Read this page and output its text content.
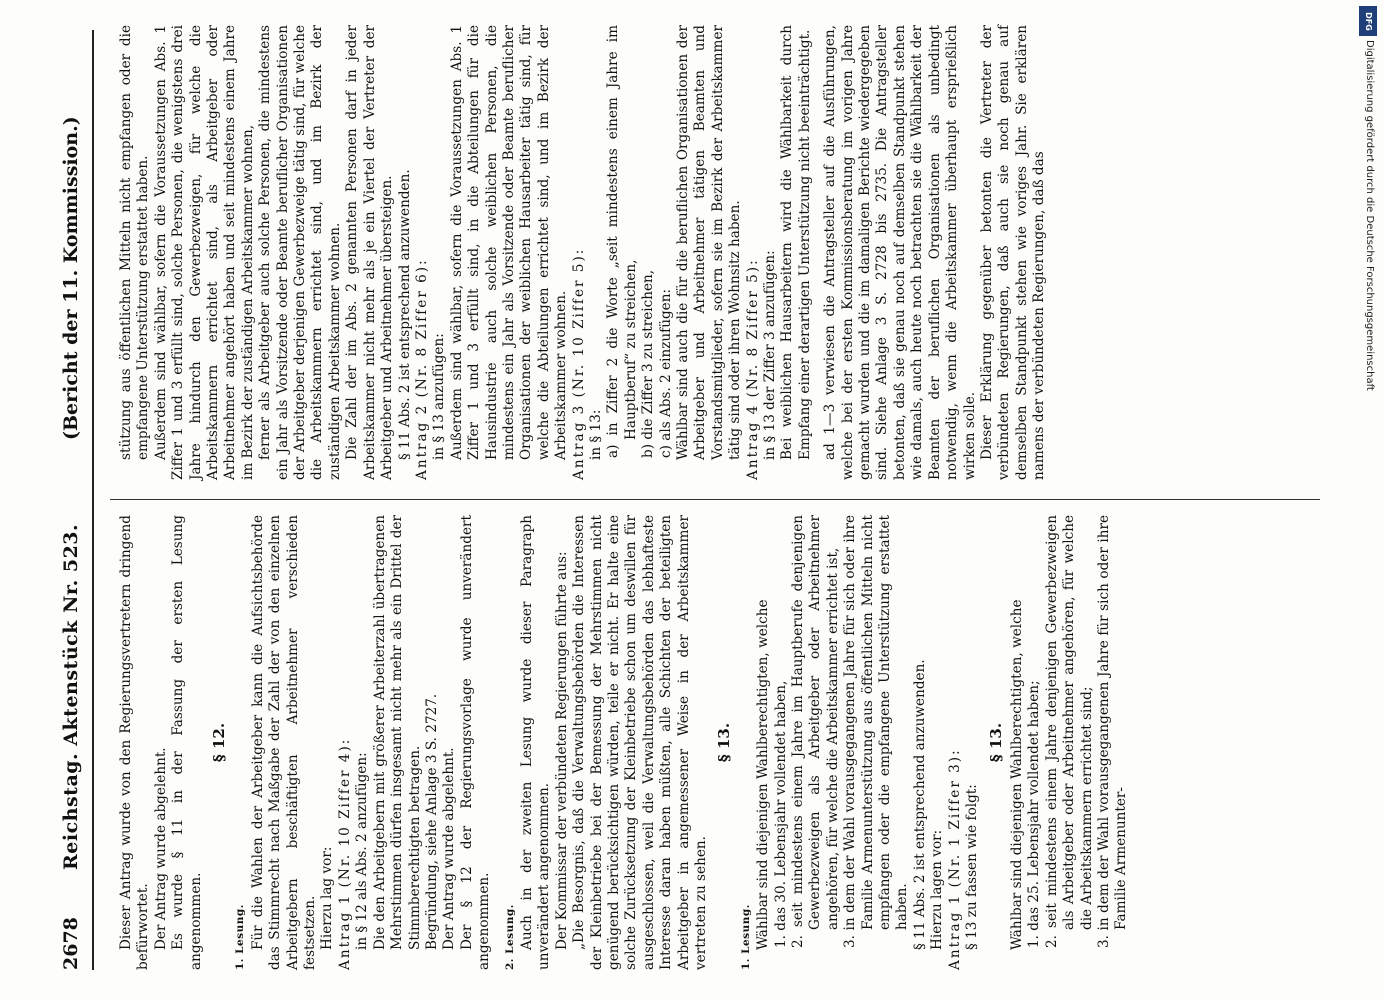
2678
Reichstag. Aktenstück Nr. 523.
(Bericht der 11. Kommission.)

Dieser Antrag wurde von den Regierungsvertretern dringend befürwortet. Der Antrag wurde abgelehnt. Es wurde § 11 in der Fassung der ersten Lesung angenommen.

§ 12.

1. Lesung. Für die Wahlen der Arbeitgeber kann die Aufsichtsbehörde das Stimmrecht nach Maßgabe der Zahl der von den einzelnen Arbeitgebern beschäftigten Arbeitnehmer verschieden festsetzen. Hierzu lag vor: Antrag 1 (Nr. 10 Ziffer 4): in § 12 als Abs. 2 anzufügen: Die den Arbeitgebern mit größerer Arbeiterzahl übertragenen Mehrstimmen dürfen insgesamt nicht mehr als ein Drittel der Stimmberechtigten betragen. Begründung, siehe Anlage 3 S. 2727. Der Antrag wurde abgelehnt. Der § 12 der Regierungsvorlage wurde unverändert angenommen. 2. Lesung. Auch in der zweiten Lesung wurde dieser Paragraph unverändert angenommen. Der Kommissar der verbündeten Regierungen führte aus: „Die Besorgnis, daß die Verwaltungsbehörden die Interessen der Kleinbetriebe bei der Bemessung der Mehrstimmen nicht genügend berücksichtigen würden, teile er nicht. Er halte eine solche Zurücksetzung der Kleinbetriebe schon um deswillen für ausgeschlossen, weil die Verwaltungsbehörden das lebhafteste Interesse daran haben müßten, alle Schichten der beteiligten Arbeitgeber in angemessener Weise in der Arbeitskammer vertreten zu sehen.

§ 13.

1. Lesung. Wählbar sind diejenigen Wahlberechtigten, welche 1. das 30. Lebensjahr vollendet haben, 2. seit mindestens einem Jahre im Hauptberufe denjenigen Gewerbezweigen als Arbeitgeber oder Arbeitnehmer angehören, für welche die Arbeitskammer errichtet ist, 3. in dem der Wahl vorausgegangenen Jahre für sich oder ihre Familie Armenunterstützung aus öffentlichen Mitteln nicht empfangen oder die empfangene Unterstützung erstattet haben. § 11 Abs. 2 ist entsprechend anzuwenden. Hierzu lagen vor: Antrag 1 (Nr. 1 Ziffer 3): § 13 zu fassen wie folgt:

§ 13. Wählbar sind diejenigen Wahlberechtigten, welche 1. das 25. Lebensjahr vollendet haben; 2. seit mindestens einem Jahre denjenigen Gewerbezweigen als Arbeitgeber oder Arbeitnehmer angehören, für welche die Arbeitskammern errichtet sind; 3. in dem der Wahl vorausgegangenen Jahre für sich oder ihre Familie Armenunter-

stützung aus öffentlichen Mitteln nicht empfangen oder die empfangene Unterstützung erstattet haben. Außerdem sind wählbar, sofern die Voraussetzungen Abs. 1 Ziffer 1 und 3 erfüllt sind, solche Personen, die wenigstens drei Jahre hindurch den Gewerbezweigen, für welche die Arbeitskammern errichtet sind, als Arbeitgeber oder Arbeitnehmer angehört haben und seit mindestens einem Jahre im Bezirk der zuständigen Arbeitskammer wohnen, ferner als Arbeitgeber auch solche Personen, die mindestens ein Jahr als Vorsitzende oder Beamte beruflicher Organisationen der Arbeitgeber derjenigen Gewerbezweige tätig sind, für welche die Arbeitskammern errichtet sind, und im Bezirk der zuständigen Arbeitskammer wohnen. Die Zahl der im Abs. 2 genannten Personen darf in jeder Arbeitskammer nicht mehr als je ein Viertel der Vertreter der Arbeitgeber und Arbeitnehmer übersteigen. § 11 Abs. 2 ist entsprechend anzuwenden. Antrag 2 (Nr. 8 Ziffer 6): in § 13 anzufügen: Außerdem sind wählbar, sofern die Voraussetzungen Abs. 1 Ziffer 1 und 3 erfüllt sind, in die Abteilungen für die Hausindustrie auch solche weiblichen Personen, die mindestens ein Jahr als Vorsitzende oder Beamte beruflicher Organisationen der weiblichen Hausarbeiter tätig sind, für welche die Abteilungen errichtet sind, und im Bezirk der Arbeitskammer wohnen. Antrag 3 (Nr. 10 Ziffer 5): in § 13: a) in Ziffer 2 die Worte „seit mindestens einem Jahre im Hauptberuf“ zu streichen, b) die Ziffer 3 zu streichen, c) als Abs. 2 einzufügen: Wählbar sind auch die für die beruflichen Organisationen der Arbeitgeber und Arbeitnehmer tätigen Beamten und Vorstandsmitglieder, sofern sie im Bezirk der Arbeitskammer tätig sind oder ihren Wohnsitz haben. Antrag 4 (Nr. 8 Ziffer 5): in § 13 der Ziffer 3 anzufügen: Bei weiblichen Hausarbeitern wird die Wählbarkeit durch Empfang einer derartigen Unterstützung nicht beeinträchtigt. ad 1—3 verwiesen die Antragsteller auf die Ausführungen, welche bei der ersten Kommissionsberatung im vorigen Jahre gemacht wurden und die im damaligen Berichte wiedergegeben sind. Siehe Anlage 3 S. 2728 bis 2735. Die Antragsteller betonten, daß sie genau noch auf demselben Standpunkt stehen wie damals, auch heute noch betrachten sie die Wählbarkeit der Beamten der beruflichen Organisationen als unbedingt notwendig, wenn die Arbeitskammer überhaupt ersprießlich wirken solle. Dieser Erklärung gegenüber betonten die Vertreter der verbündeten Regierungen, daß auch sie noch genau auf demselben Standpunkt stehen wie voriges Jahr. Sie erklären namens der verbündeten Regierungen, daß das

DFG
Digitalisierung gefördert durch die Deutsche Forschungsgemeinschaft
